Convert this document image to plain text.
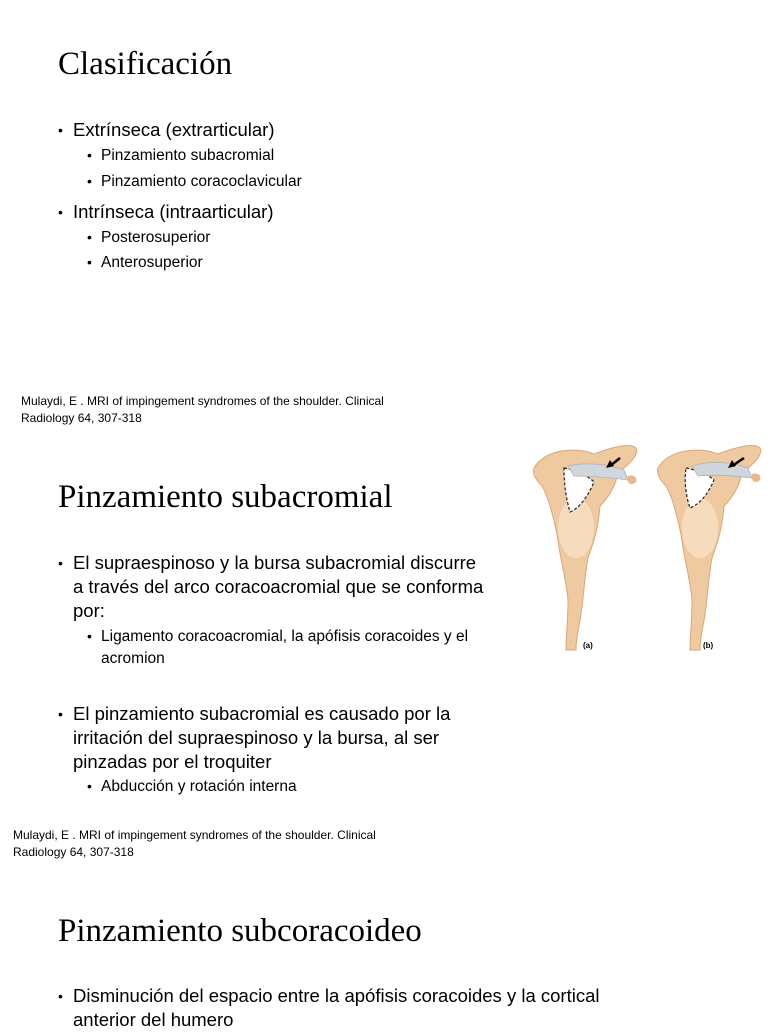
Clasificación
• Extrínseca (extrarticular)
• Pinzamiento subacromial
• Pinzamiento coracoclavicular
• Intrínseca (intraarticular)
• Posterosuperior
• Anterosuperior
Mulaydi, E . MRI of impingement syndromes of the shoulder. Clinical
Radiology 64, 307-318
Pinzamiento subacromial
• El supraespinoso y la bursa subacromial discurre
a través del arco coracoacromial que se conforma
por:
• Ligamento coracoacromial, la apófisis coracoides y el
acromion
• El pinzamiento subacromial es causado por la
irritación del supraespinoso y la bursa, al ser
pinzadas por el troquiter
• Abducción y rotación interna
(a)	(b)
Mulaydi, E . MRI of impingement syndromes of the shoulder. Clinical
Radiology 64, 307-318
Pinzamiento subcoracoideo
• Disminución del espacio entre la apófisis coracoides y la cortical
anterior del humero
